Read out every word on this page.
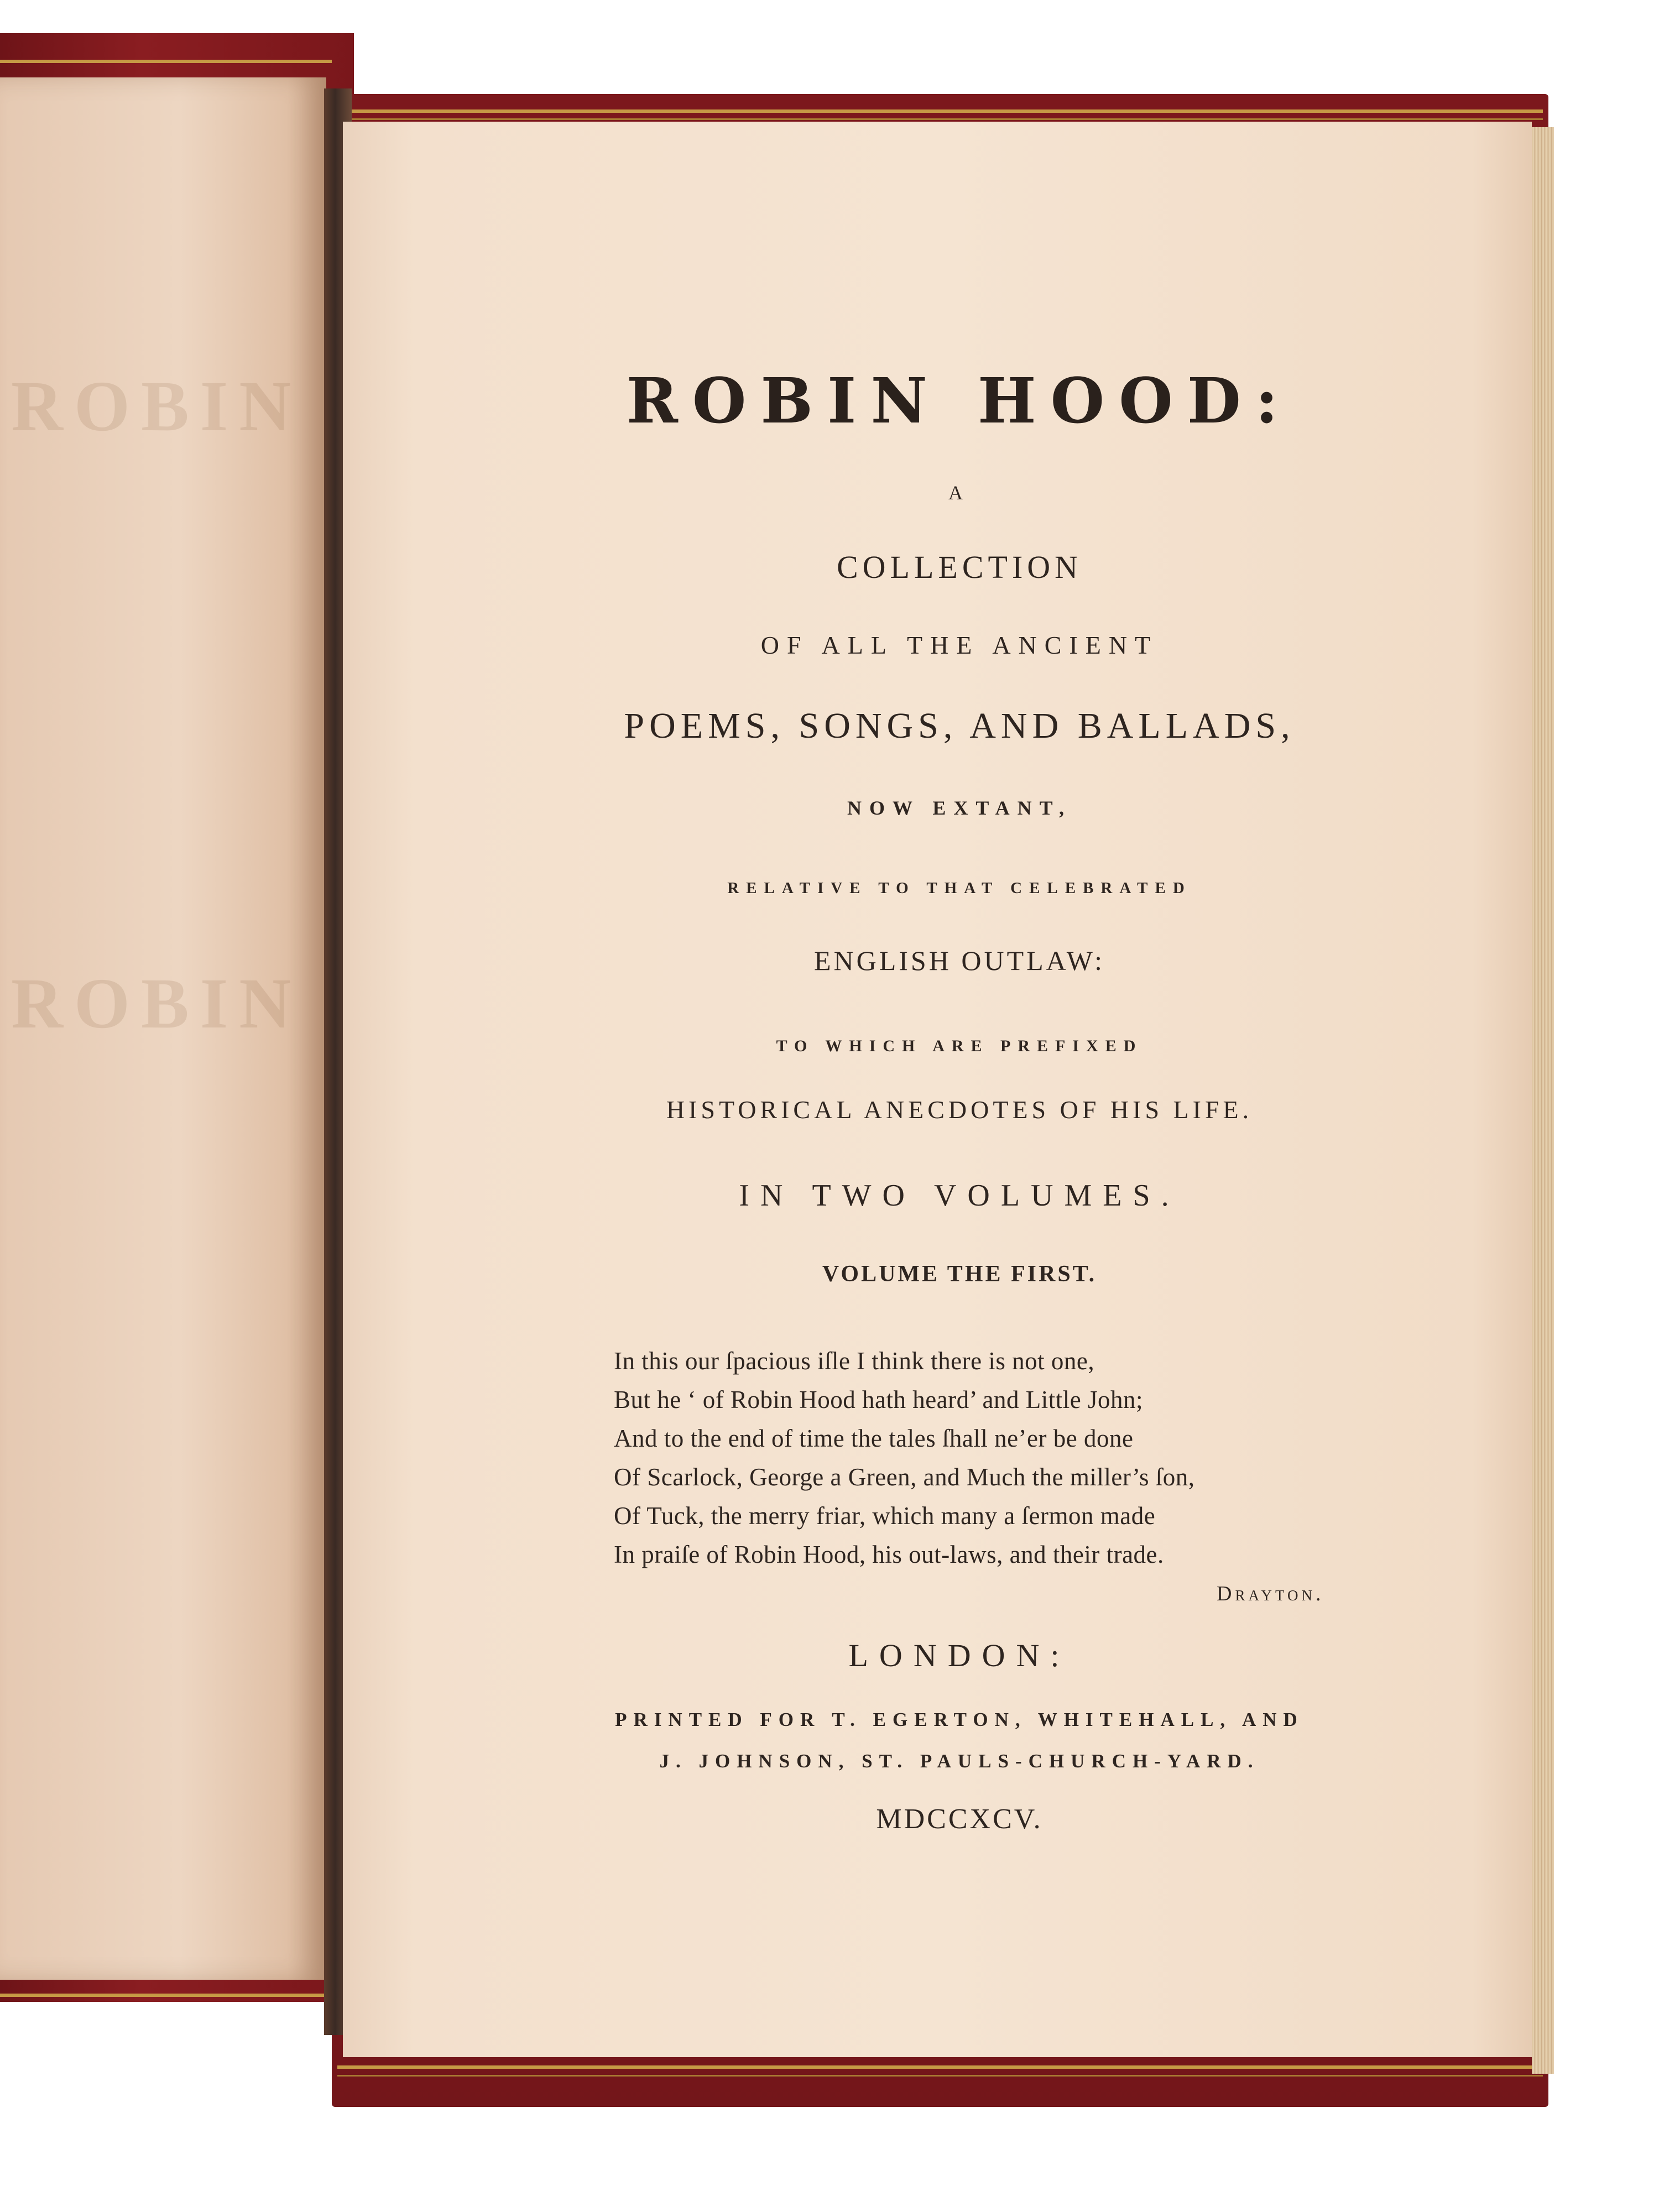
ROBIN
ROBIN
ROBIN HOOD:
A
COLLECTION
OF ALL THE ANCIENT
POEMS, SONGS, AND BALLADS,
NOW EXTANT,
RELATIVE TO THAT CELEBRATED
ENGLISH OUTLAW:
TO WHICH ARE PREFIXED
HISTORICAL ANECDOTES OF HIS LIFE.
IN TWO VOLUMES.
VOLUME THE FIRST.
In this our ſpacious iſle I think there is not one,
But he ‘ of Robin Hood hath heard’ and Little John;
And to the end of time the tales ſhall ne’er be done
Of Scarlock, George a Green, and Much the miller’s ſon,
Of Tuck, the merry friar, which many a ſermon made
In praiſe of Robin Hood, his out-laws, and their trade.
Drayton.
LONDON:
PRINTED FOR T. EGERTON, WHITEHALL, AND
J. JOHNSON, ST. PAULS-CHURCH-YARD.
MDCCXCV.
